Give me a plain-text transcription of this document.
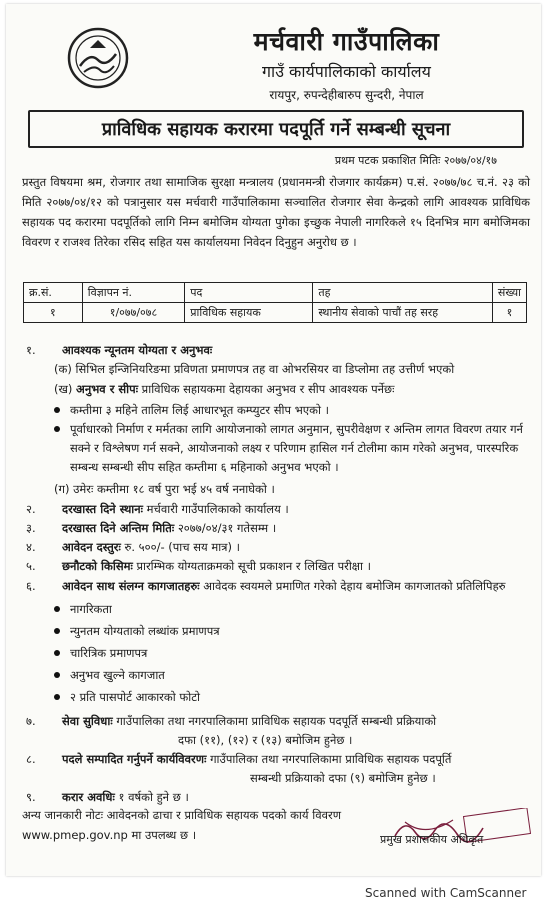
मर्चवारी गाउँपालिका
गाउँ कार्यपालिकाको कार्यालय
रायपुर, रुपन्देहीबारुप सुन्दरी, नेपाल
प्राविधिक सहायक करारमा पदपूर्ति गर्ने सम्बन्धी सूचना
प्रथम पटक प्रकाशित मितिः २०७७/०४/१७
प्रस्तुत विषयमा श्रम, रोजगार तथा सामाजिक सुरक्षा मन्त्रालय (प्रधानमन्त्री रोजगार कार्यक्रम) प.सं. २०७७/७८ च.नं. २३ को मिति २०७७/०४/१२ को पत्रानुसार यस मर्चवारी गाउँपालिकामा सञ्चालित रोजगार सेवा केन्द्रको लागि आवश्यक प्राविधिक सहायक पद करारमा पदपूर्तिको लागि निम्न बमोजिम योग्यता पुगेका इच्छुक नेपाली नागरिकले १५ दिनभित्र माग बमोजिमका विवरण र राजश्व तिरेका रसिद सहित यस कार्यालयमा निवेदन दिनुहुन अनुरोध छ ।
क्र.सं.	विज्ञापन नं.	पद	तह	संख्या
१	१/०७७/०७८	प्राविधिक सहायक	स्थानीय सेवाको पाचौं तह सरह	१
१. आवश्यक न्यूनतम योग्यता र अनुभवः
(क) सिभिल इन्जिनियरिङमा प्रविणता प्रमाणपत्र तह वा ओभरसियर वा डिप्लोमा तह उत्तीर्ण भएको
(ख) अनुभव र सीपः प्राविधिक सहायकमा देहायका अनुभव र सीप आवश्यक पर्नेछः
कम्तीमा ३ महिने तालिम लिई आधारभूत कम्प्युटर सीप भएको ।
पूर्वाधारको निर्माण र मर्मतका लागि आयोजनाको लागत अनुमान, सुपरीवेक्षण र अन्तिम लागत विवरण तयार गर्न सक्ने र विश्लेषण गर्न सक्ने, आयोजनाको लक्ष्य र परिणाम हासिल गर्न टोलीमा काम गरेको अनुभव, पारस्परिक सम्बन्ध सम्बन्धी सीप सहित कम्तीमा ६ महिनाको अनुभव भएको ।
(ग) उमेरः कम्तीमा १८ वर्ष पुरा भई ४५ वर्ष ननाघेको ।
२. दरखास्त दिने स्थानः मर्चवारी गाउँपालिकाको कार्यालय ।
३. दरखास्त दिने अन्तिम मितिः २०७७/०४/३१ गतेसम्म ।
४. आवेदन दस्तुरः रु. ५००/- (पाच सय मात्र) ।
५. छनौटको किसिमः प्रारम्भिक योग्यताक्रमको सूची प्रकाशन र लिखित परीक्षा ।
६. आवेदन साथ संलग्न कागजातहरुः आवेदक स्वयमले प्रमाणित गरेको देहाय बमोजिम कागजातको प्रतिलिपिहरु
नागरिकता
न्युनतम योग्यताको लब्धांक प्रमाणपत्र
चारित्रिक प्रमाणपत्र
अनुभव खुल्ने कागजात
२ प्रति पासपोर्ट आकारको फोटो
७. सेवा सुविधाः गाउँपालिका तथा नगरपालिकामा प्राविधिक सहायक पदपूर्ति सम्बन्धी प्रक्रियाको
दफा (११), (१२) र (१३) बमोजिम हुनेछ ।
८. पदले सम्पादित गर्नुपर्ने कार्यविवरणः गाउँपालिका तथा नगरपालिकामा प्राविधिक सहायक पदपूर्ति
सम्बन्धी प्रक्रियाको दफा (९) बमोजिम हुनेछ ।
९. करार अवधिः १ वर्षको हुने छ ।
अन्य जानकारी नोटः आवेदनको ढाचा र प्राविधिक सहायक पदको कार्य विवरण
www.pmep.gov.np मा उपलब्ध छ ।	प्रमुख प्रशासकीय अधिकृत
Scanned with CamScanner
